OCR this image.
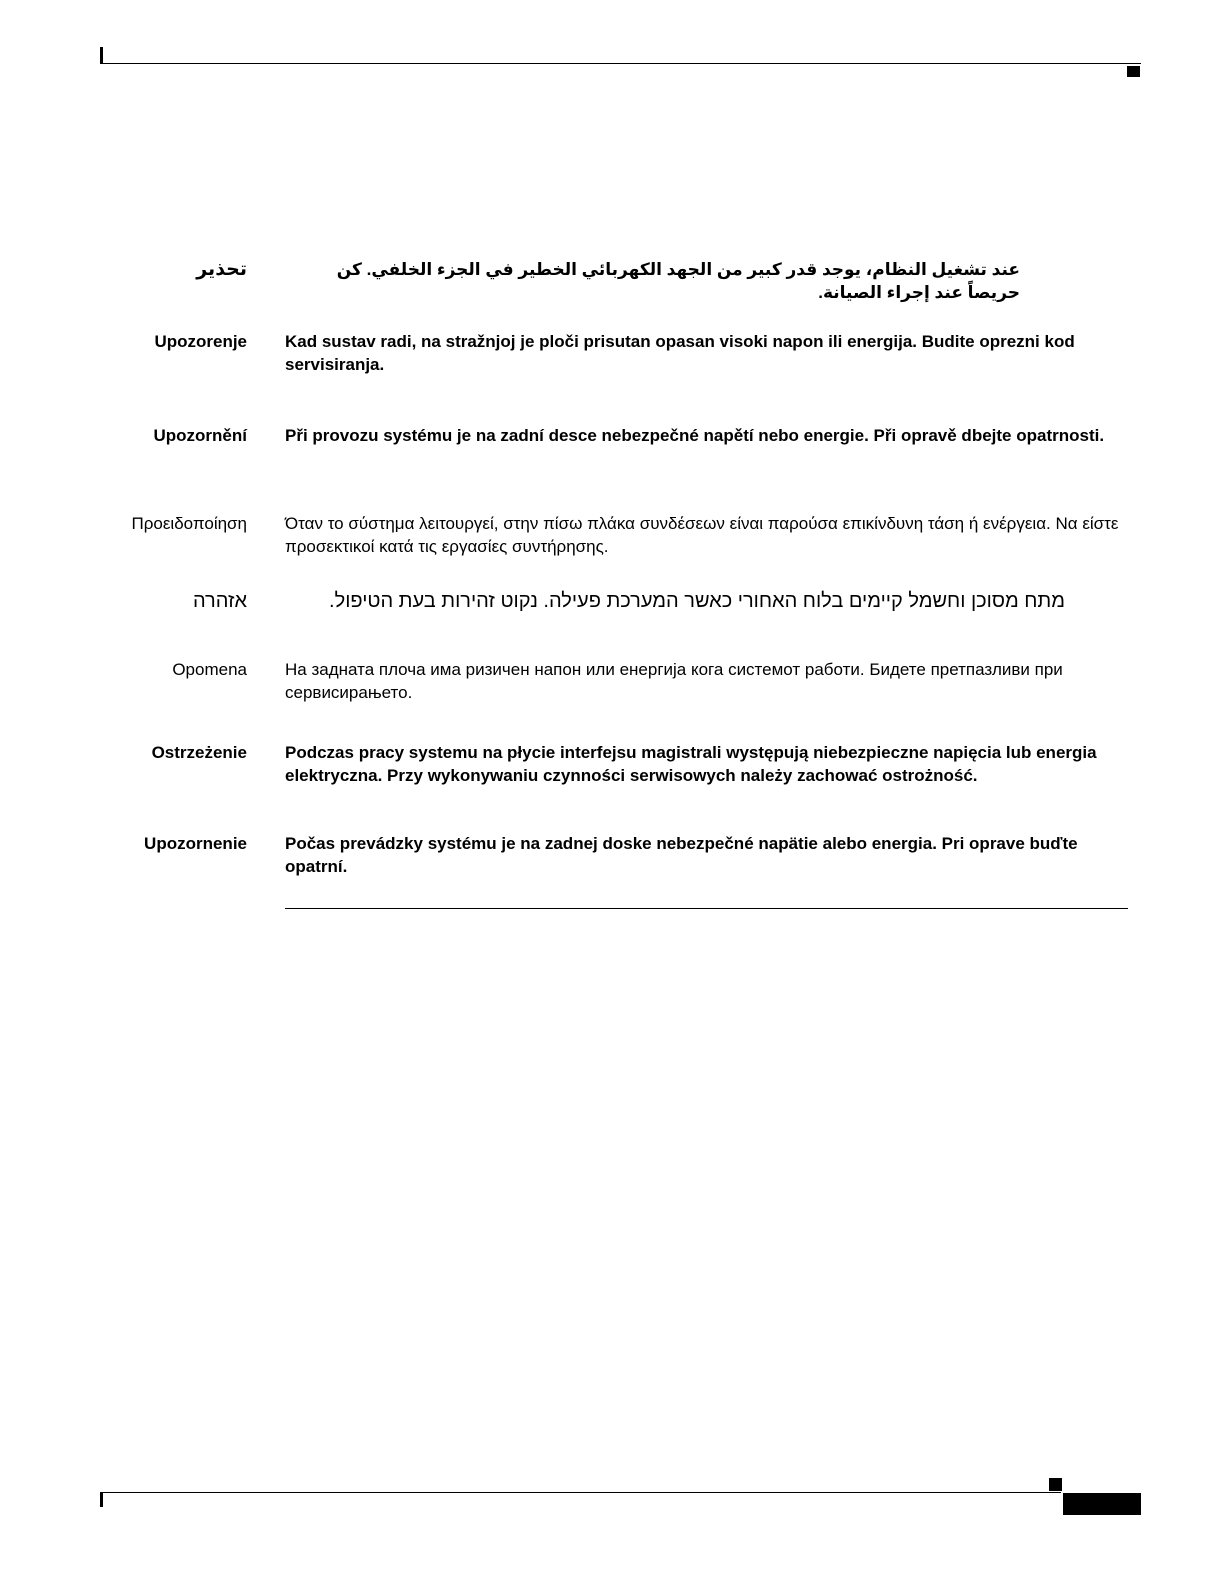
تحذير	عند تشغيل النظام، يوجد قدر كبير من الجهد الكهربائي الخطير في الجزء الخلفي. كن حريصاً عند إجراء الصيانة.
Upozorenje Kad sustav radi, na stražnjoj je ploči prisutan opasan visoki napon ili energija. Budite oprezni kod servisiranja.
Upozornění Při provozu systému je na zadní desce nebezpečné napětí nebo energie. Při opravě dbejte opatrnosti.
Προειδοποίηση Όταν το σύστημα λειτουργεί, στην πίσω πλάκα συνδέσεων είναι παρούσα επικίνδυνη τάση ή ενέργεια. Να είστε προσεκτικοί κατά τις εργασίες συντήρησης.
אזהרה	מתח מסוכן וחשמל קיימים בלוח האחורי כאשר המערכת פעילה. נקוט זהירות בעת הטיפול.
Opomena На задната плоча има ризичен напон или енергија кога системот работи. Бидете претпазливи при сервисирањето.
Ostrzeżenie Podczas pracy systemu na płycie interfejsu magistrali występują niebezpieczne napięcia lub energia elektryczna. Przy wykonywaniu czynności serwisowych należy zachować ostrożność.
Upozornenie Počas prevádzky systému je na zadnej doske nebezpečné napätie alebo energia. Pri oprave buďte opatrní.
